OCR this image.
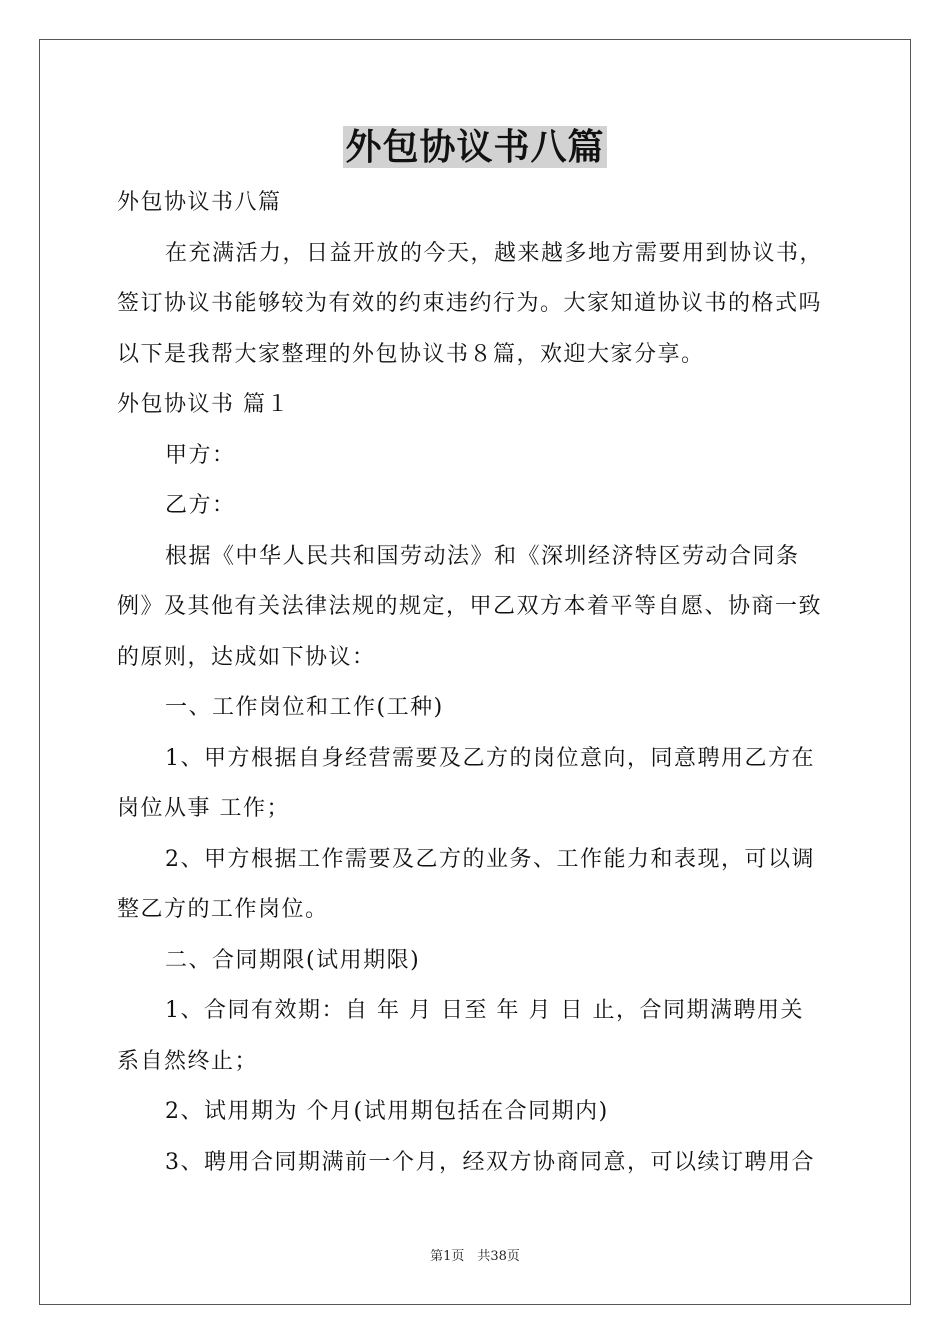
外包协议书八篇

外包协议书八篇

在充满活力，日益开放的今天，越来越多地方需要用到协议书，

签订协议书能够较为有效的约束违约行为。大家知道协议书的格式吗

以下是我帮大家整理的外包协议书８篇，欢迎大家分享。

外包协议书 篇１

甲方：

乙方：

根据《中华人民共和国劳动法》和《深圳经济特区劳动合同条

例》及其他有关法律法规的规定，甲乙双方本着平等自愿、协商一致

的原则，达成如下协议：

一、工作岗位和工作(工种)

1、甲方根据自身经营需要及乙方的岗位意向，同意聘用乙方在

岗位从事 工作；

2、甲方根据工作需要及乙方的业务、工作能力和表现，可以调

整乙方的工作岗位。

二、合同期限(试用期限)

1、合同有效期：自 年 月 日至 年 月 日 止，合同期满聘用关

系自然终止；

2、试用期为 个月(试用期包括在合同期内)

3、聘用合同期满前一个月，经双方协商同意，可以续订聘用合

第1页　共38页
